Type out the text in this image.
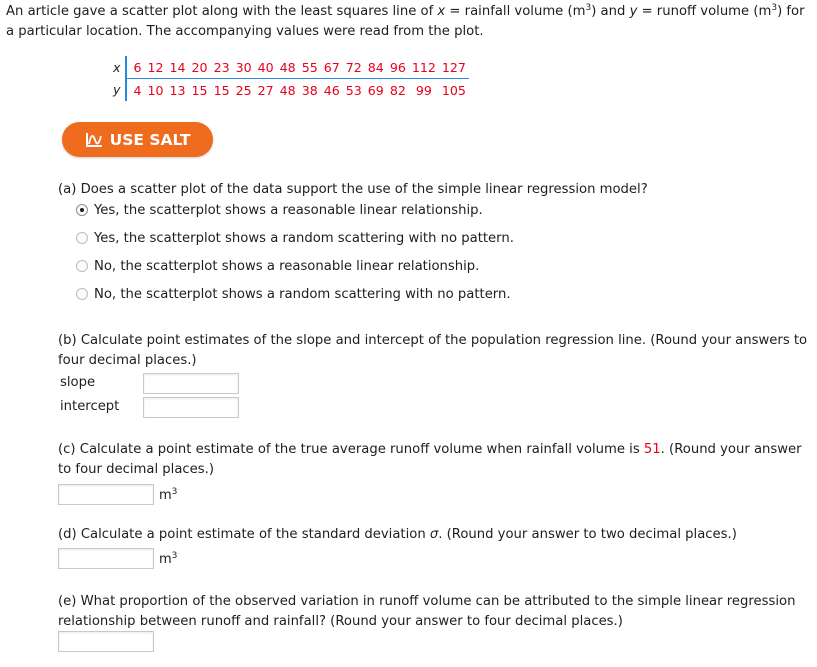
An article gave a scatter plot along with the least squares line of x = rainfall volume $(m^3)$ and y = runoff volume $(m^3)$ for a particular location. The accompanying values were read from the plot.
x	6	12	14	20	23	30	40	48	55	67	72	84	96	112	127
y	4	10	13	15	15	25	27	48	38	46	53	69	82	99	105
USE SALT
(a) Does a scatter plot of the data support the use of the simple linear regression model?
Yes, the scatterplot shows a reasonable linear relationship.
Yes, the scatterplot shows a random scattering with no pattern.
No, the scatterplot shows a reasonable linear relationship.
No, the scatterplot shows a random scattering with no pattern.
(b) Calculate point estimates of the slope and intercept of the population regression line. (Round your answers to four decimal places.)
slope
intercept
(c) Calculate a point estimate of the true average runoff volume when rainfall volume is 51. (Round your answer to four decimal places.)
$m^3$
(d) Calculate a point estimate of the standard deviation σ. (Round your answer to two decimal places.)
$m^3$
(e) What proportion of the observed variation in runoff volume can be attributed to the simple linear regression relationship between runoff and rainfall? (Round your answer to four decimal places.)
